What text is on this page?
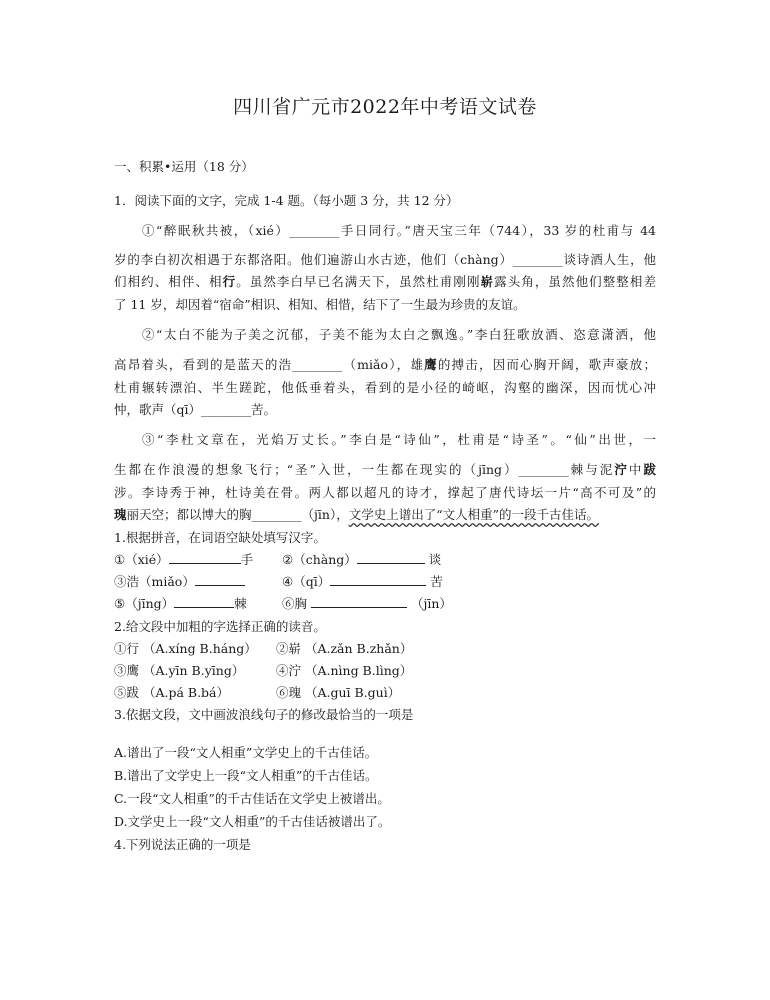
四川省广元市2022年中考语文试卷
一、积累•运用（18 分）
1．阅读下面的文字，完成 1-4 题。（每小题 3 分，共 12 分）
①“醉眠秋共被，（xié）________手日同行。”唐天宝三年（744），33 岁的杜甫与 44
岁的李白初次相遇于东都洛阳。他们遍游山水古迹，他们（chàng）________谈诗酒人生，他
们相约、相伴、相行。虽然李白早已名满天下，虽然杜甫刚刚崭露头角，虽然他们整整相差
了 11 岁，却因着“宿命”相识、相知、相惜，结下了一生最为珍贵的友谊。
②“太白不能为子美之沉郁，子美不能为太白之飘逸。”李白狂歌放酒、恣意潇洒，他
高昂着头，看到的是蓝天的浩________（miǎo），雄鹰的搏击，因而心胸开阔，歌声豪放；
杜甫辗转漂泊、半生蹉跎，他低垂着头，看到的是小径的崎岖，沟壑的幽深，因而忧心冲
忡，歌声（qī）________苦。
③“李杜文章在，光焰万丈长。”李白是“诗仙”，杜甫是“诗圣”。“仙”出世，一
生都在作浪漫的想象飞行；“圣”入世，一生都在现实的（jīng）________棘与泥泞中跋
涉。李诗秀于神，杜诗美在骨。两人都以超凡的诗才，撑起了唐代诗坛一片“高不可及”的
瑰丽天空；都以博大的胸________（jīn），文学史上谱出了“文人相重”的一段千古佳话。
1.根据拼音，在词语空缺处填写汉字。
①（xié）	手 ②（chàng）	谈
③浩（miǎo）	④（qī）	苦
⑤（jīng）	棘	⑥胸	（jīn）
2.给文段中加粗的字选择正确的读音。
①行 （A.xíng B.háng） ②崭 （A.zǎn B.zhǎn）
③鹰 （A.yīn B.yīng）	④泞 （A.nìng B.lìng）
⑤跋 （A.pá B.bá）	⑥瑰 （A.guī B.guì）
3.依据文段，文中画波浪线句子的修改最恰当的一项是
A.谱出了一段“文人相重”文学史上的千古佳话。
B.谱出了文学史上一段“文人相重”的千古佳话。
C.一段“文人相重”的千古佳话在文学史上被谱出。
D.文学史上一段“文人相重”的千古佳话被谱出了。
4.下列说法正确的一项是
